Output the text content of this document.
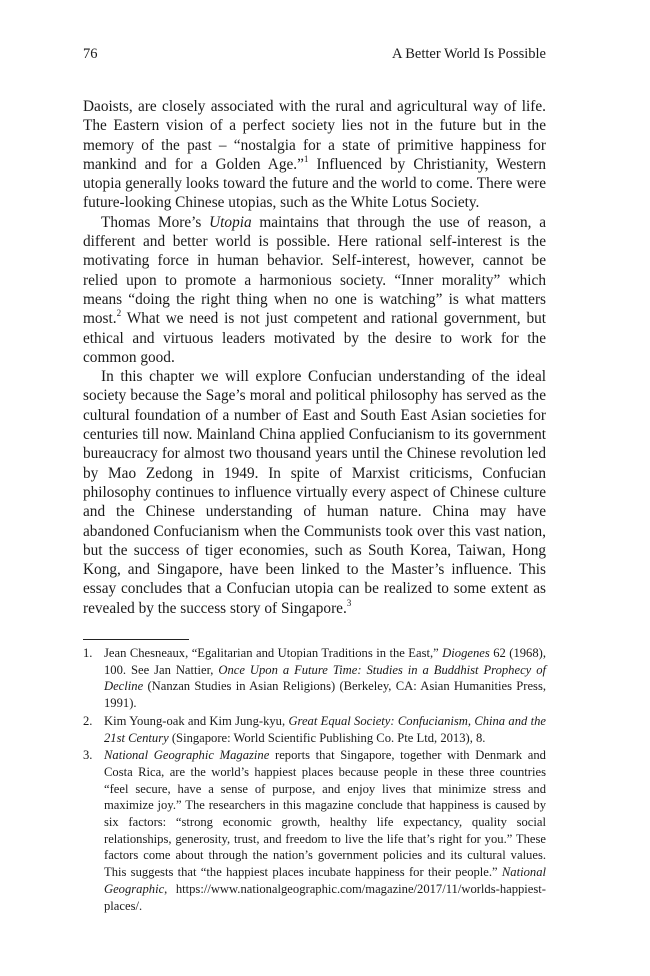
76	A Better World Is Possible

Daoists, are closely associated with the rural and agricultural way of life. The Eastern vision of a perfect society lies not in the future but in the memory of the past – “nostalgia for a state of primitive happiness for mankind and for a Golden Age.”$^1$ Influenced by Christianity, Western utopia generally looks toward the future and the world to come. There were future-looking Chinese utopias, such as the White Lotus Society.

Thomas More’s Utopia maintains that through the use of reason, a different and better world is possible. Here rational self-interest is the motivating force in human behavior. Self-interest, however, cannot be relied upon to promote a harmonious society. “Inner morality” which means “doing the right thing when no one is watching” is what matters most.$^2$ What we need is not just competent and rational government, but ethical and virtuous leaders motivated by the desire to work for the common good.

In this chapter we will explore Confucian understanding of the ideal society because the Sage’s moral and political philosophy has served as the cultural foundation of a number of East and South East Asian societies for centuries till now. Mainland China applied Confucianism to its government bureaucracy for almost two thousand years until the Chinese revolution led by Mao Zedong in 1949. In spite of Marxist criticisms, Confucian philosophy continues to influence virtually every aspect of Chinese culture and the Chinese understanding of human nature. China may have abandoned Confucianism when the Communists took over this vast nation, but the success of tiger economies, such as South Korea, Taiwan, Hong Kong, and Singapore, have been linked to the Master’s influence. This essay concludes that a Confucian utopia can be realized to some extent as revealed by the success story of Singapore.$^3$

1. Jean Chesneaux, “Egalitarian and Utopian Traditions in the East,” Diogenes 62 (1968), 100. See Jan Nattier, Once Upon a Future Time: Studies in a Buddhist Prophecy of Decline (Nanzan Studies in Asian Religions) (Berkeley, CA: Asian Humanities Press, 1991).
2. Kim Young-oak and Kim Jung-kyu, Great Equal Society: Confucianism, China and the 21st Century (Singapore: World Scientific Publishing Co. Pte Ltd, 2013), 8.
3. National Geographic Magazine reports that Singapore, together with Denmark and Costa Rica, are the world’s happiest places because people in these three countries “feel secure, have a sense of purpose, and enjoy lives that minimize stress and maximize joy.” The researchers in this magazine conclude that happiness is caused by six factors: “strong economic growth, healthy life expectancy, quality social relationships, generosity, trust, and freedom to live the life that’s right for you.” These factors come about through the nation’s government policies and its cultural values. This suggests that “the happiest places incubate happiness for their people.” National Geographic, https://www.nationalgeographic.com/magazine/2017/11/worlds-happiest-places/.
